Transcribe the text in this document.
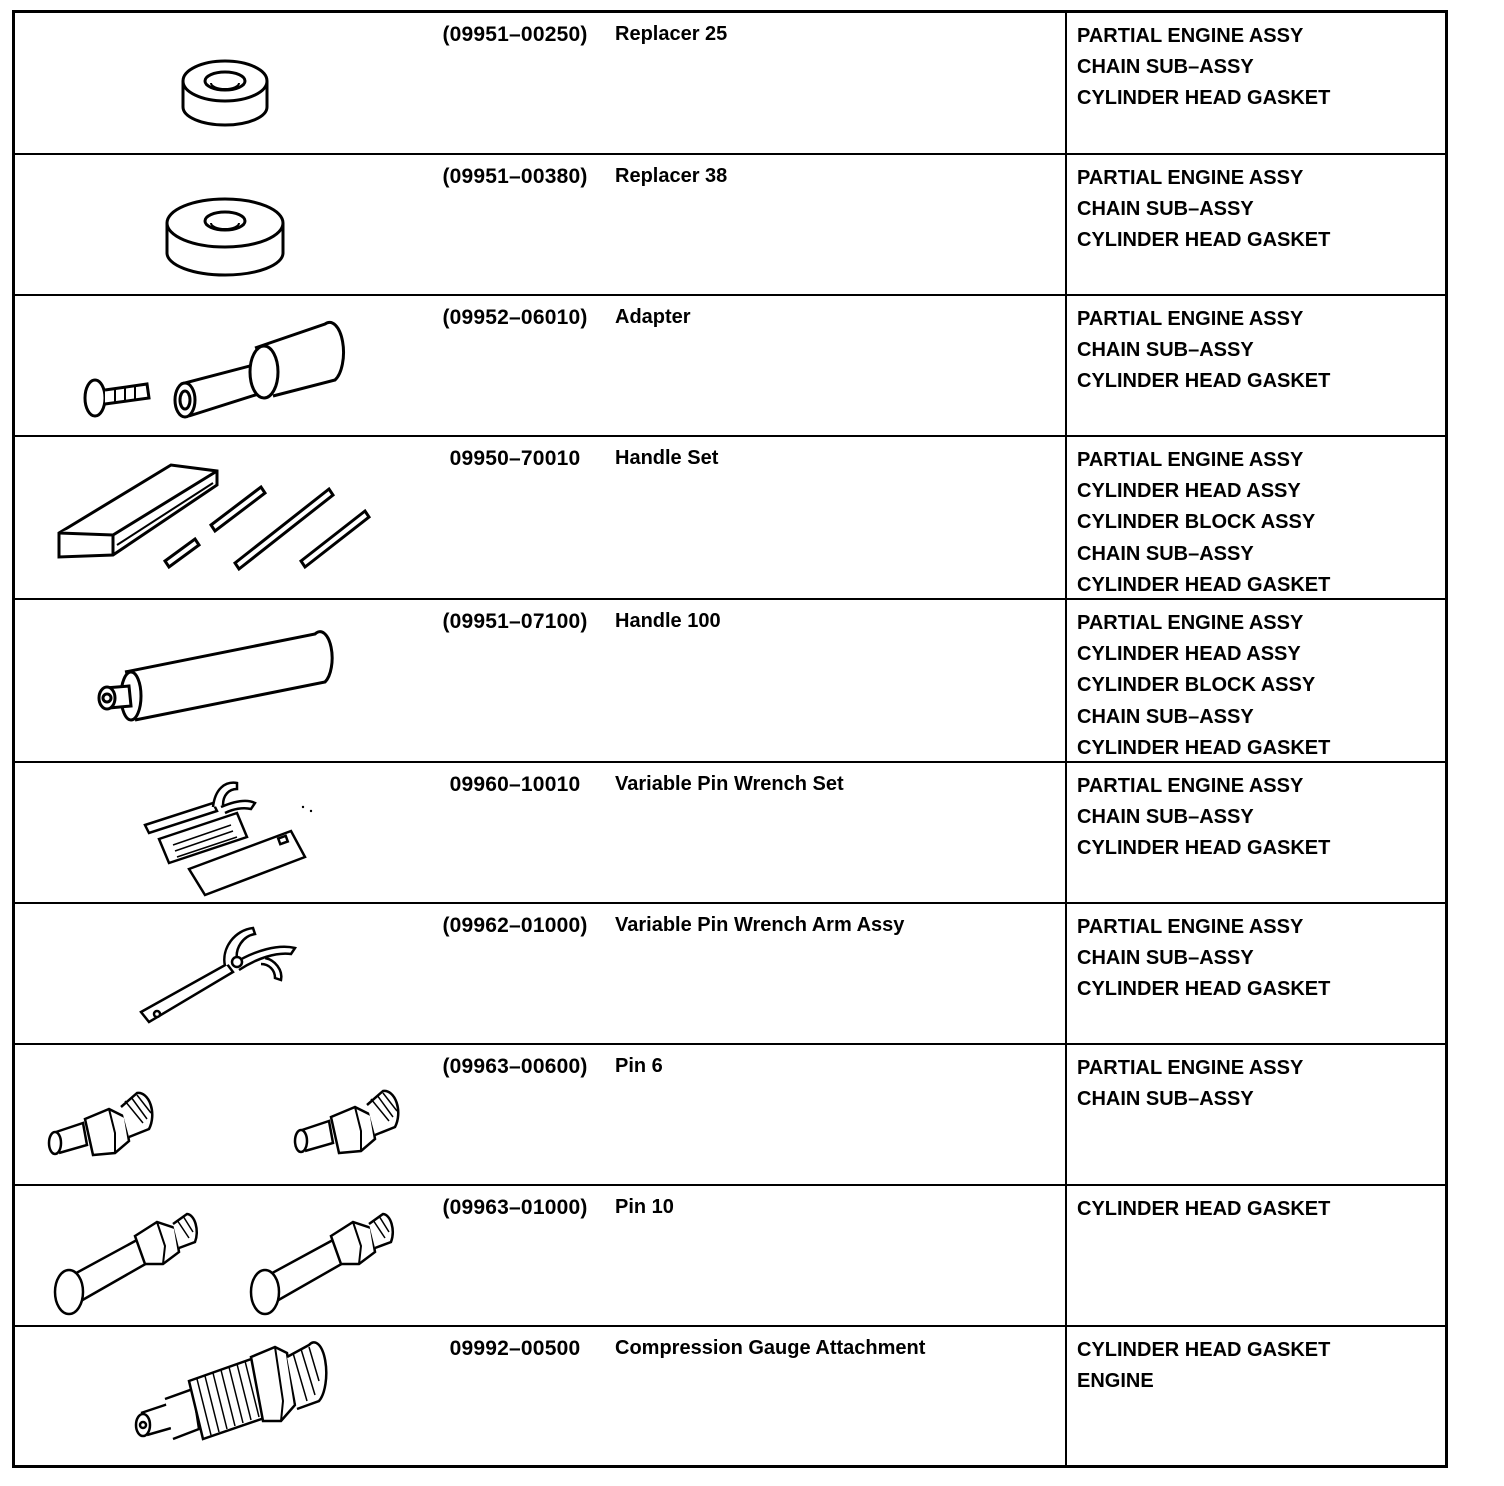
(09951–00250)	Replacer 25	PARTIAL ENGINE ASSY
CHAIN SUB–ASSY
CYLINDER HEAD GASKET
(09951–00380)	Replacer 38	PARTIAL ENGINE ASSY
CHAIN SUB–ASSY
CYLINDER HEAD GASKET
(09952–06010)	Adapter	PARTIAL ENGINE ASSY
CHAIN SUB–ASSY
CYLINDER HEAD GASKET
09950–70010	Handle Set	PARTIAL ENGINE ASSY
CYLINDER HEAD ASSY
CYLINDER BLOCK ASSY
CHAIN SUB–ASSY
CYLINDER HEAD GASKET
(09951–07100)	Handle 100	PARTIAL ENGINE ASSY
CYLINDER HEAD ASSY
CYLINDER BLOCK ASSY
CHAIN SUB–ASSY
CYLINDER HEAD GASKET
09960–10010	Variable Pin Wrench Set	PARTIAL ENGINE ASSY
CHAIN SUB–ASSY
CYLINDER HEAD GASKET
(09962–01000)	Variable Pin Wrench Arm Assy	PARTIAL ENGINE ASSY
CHAIN SUB–ASSY
CYLINDER HEAD GASKET
(09963–00600)	Pin 6	PARTIAL ENGINE ASSY
CHAIN SUB–ASSY
(09963–01000)	Pin 10	CYLINDER HEAD GASKET
09992–00500	Compression Gauge Attachment	CYLINDER HEAD GASKET
ENGINE
